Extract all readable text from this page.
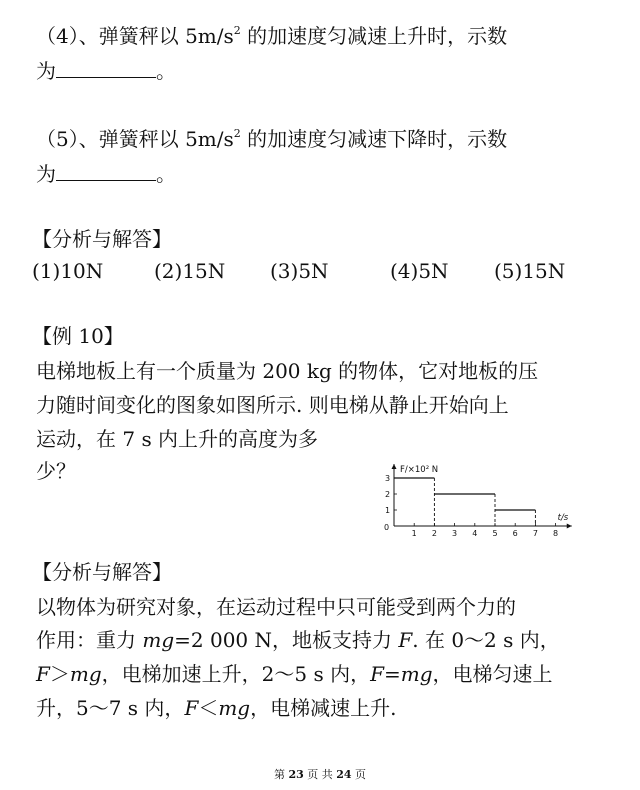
（4）、弹簧秤以 $5m/s^2$ 的加速度匀减速上升时，示数
为	。
（5）、弹簧秤以 $5m/s^2$ 的加速度匀减速下降时，示数
为	。
【分析与解答】
(1)10N	(2)15N (3)5N	(4)5N (5)15N
【例 10】
电梯地板上有一个质量为 200 kg 的物体，它对地板的压
力随时间变化的图象如图所示. 则电梯从静止开始向上
运动，在 7 s 内上升的高度为多
少？	F/×10² N
t/s
0
1 2 3 4 5 6 7 8
1
2
3
【分析与解答】
以物体为研究对象，在运动过程中只可能受到两个力的
作用：重力 mg=2 000 N，地板支持力 F. 在 0～2 s 内，
F＞mg，电梯加速上升，2～5 s 内，F=mg，电梯匀速上
升，5～7 s 内，F＜mg，电梯减速上升.
第 23 页 共 24 页
